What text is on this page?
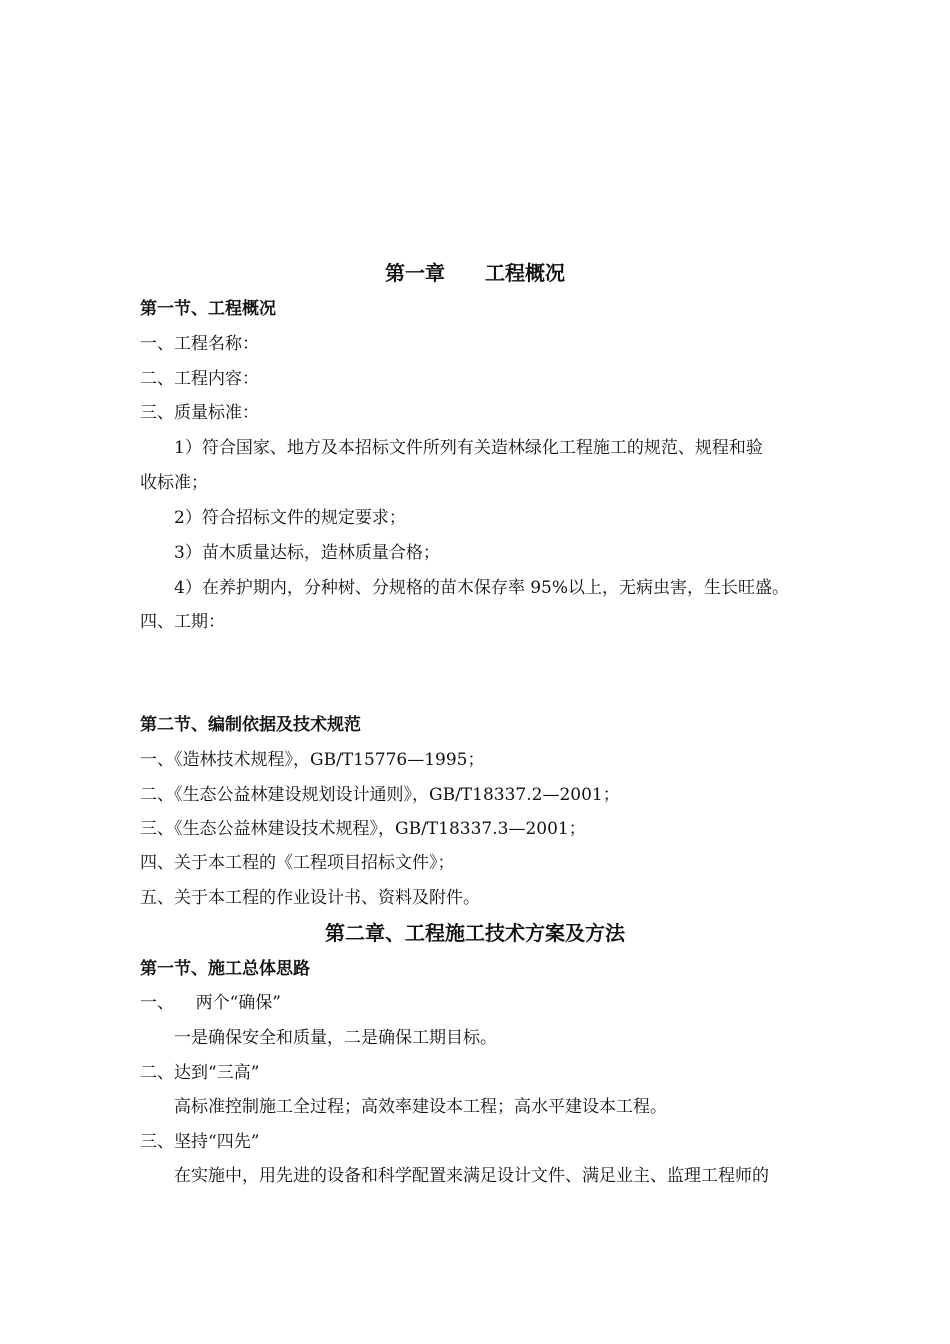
第一章　　工程概况
第一节、工程概况
一、工程名称：
二、工程内容：
三、质量标准：
1）符合国家、地方及本招标文件所列有关造林绿化工程施工的规范、规程和验
收标准；
2）符合招标文件的规定要求；
3）苗木质量达标，造林质量合格；
4）在养护期内，分种树、分规格的苗木保存率 95%以上，无病虫害，生长旺盛。
四、工期：
第二节、编制依据及技术规范
一、《造林技术规程》，GB/T15776—1995；
二、《生态公益林建设规划设计通则》，GB/T18337.2—2001；
三、《生态公益林建设技术规程》，GB/T18337.3—2001；
四、关于本工程的《工程项目招标文件》；
五、关于本工程的作业设计书、资料及附件。
第二章、工程施工技术方案及方法
第一节、施工总体思路
一、    两个“确保”
一是确保安全和质量，二是确保工期目标。
二、达到“三高”
高标准控制施工全过程；高效率建设本工程；高水平建设本工程。
三、坚持“四先”
在实施中，用先进的设备和科学配置来满足设计文件、满足业主、监理工程师的
